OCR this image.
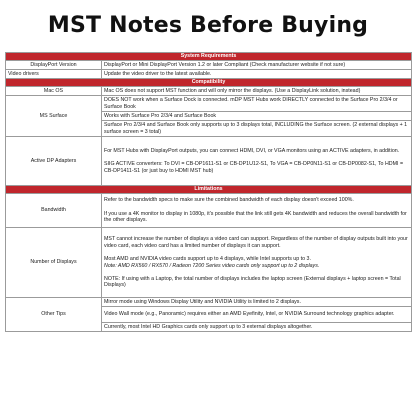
MST Notes Before Buying
System Requirements	
DisplayPort Version	DisplayPort or Mini DisplayPort Version 1.2 or later Compliant (Check manufacturer website if not sure)
Video drivers	Update the video driver to the latest available.
Compatibility	
Mac OS	Mac OS does not support MST function and will only mirror the displays. (Use a DisplayLink solution, instead)
MS Surface	DOES NOT work when a Surface Dock is connected. mDP MST Hubs work DIRECTLY connected to the Surface Pro 2/3/4 or Surface Book
	Works with Surface Pro 2/3/4 and Surface Book
	Surface Pro 2/3/4 and Surface Book only supports up to 3 displays total, INCLUDING the Surface screen. (2 external displays + 1 surface screen = 3 total)
Active DP Adapters	For MST Hubs with DisplayPort outputs, you can connect HDMI, DVI, or VGA monitors using an ACTIVE adapters, in addition.

SIIG ACTIVE converters: To DVI = CB-DP1611-S1 or CB-DP1U12-S1, To VGA = CB-DP0N11-S1 or CB-DP0082-S1, To HDMI = CB-DP1411-S1 (or just buy to HDMI MST hub)

Limitations	
Bandwidth	Refer to the bandwidth specs to make sure the combined bandwidth of each display doesn't exceed 100%.

If you use a 4K monitor to display in 1080p, it's possible that the link still gets 4K bandwidth and reduces the overall bandwidth for the other displays.

Number of Displays	MST cannot increase the number of displays a video card can support. Regardless of the number of display outputs built into your video card, each video card has a limited number of displays it can support.

Most AMD and NVIDIA video cards support up to 4 displays, while Intel supports up to 3.

Note: AMD RX560 / RX570 / Radeon 7200 Series video cards only support up to 2 displays.

NOTE: If using with a Laptop, the total number of displays includes the laptop screen (External displays + laptop screen = Total Displays)

Other Tips	Mirror mode using Windows Display Utility and NVIDIA Utility is limited to 2 displays.
	Video Wall mode (e.g., Panoramic) requires either an AMD Eyefinity, Intel, or NVIDIA Surround technology graphics adapter.
	Currently, most Intel HD Graphics cards only support up to 3 external displays altogether.
